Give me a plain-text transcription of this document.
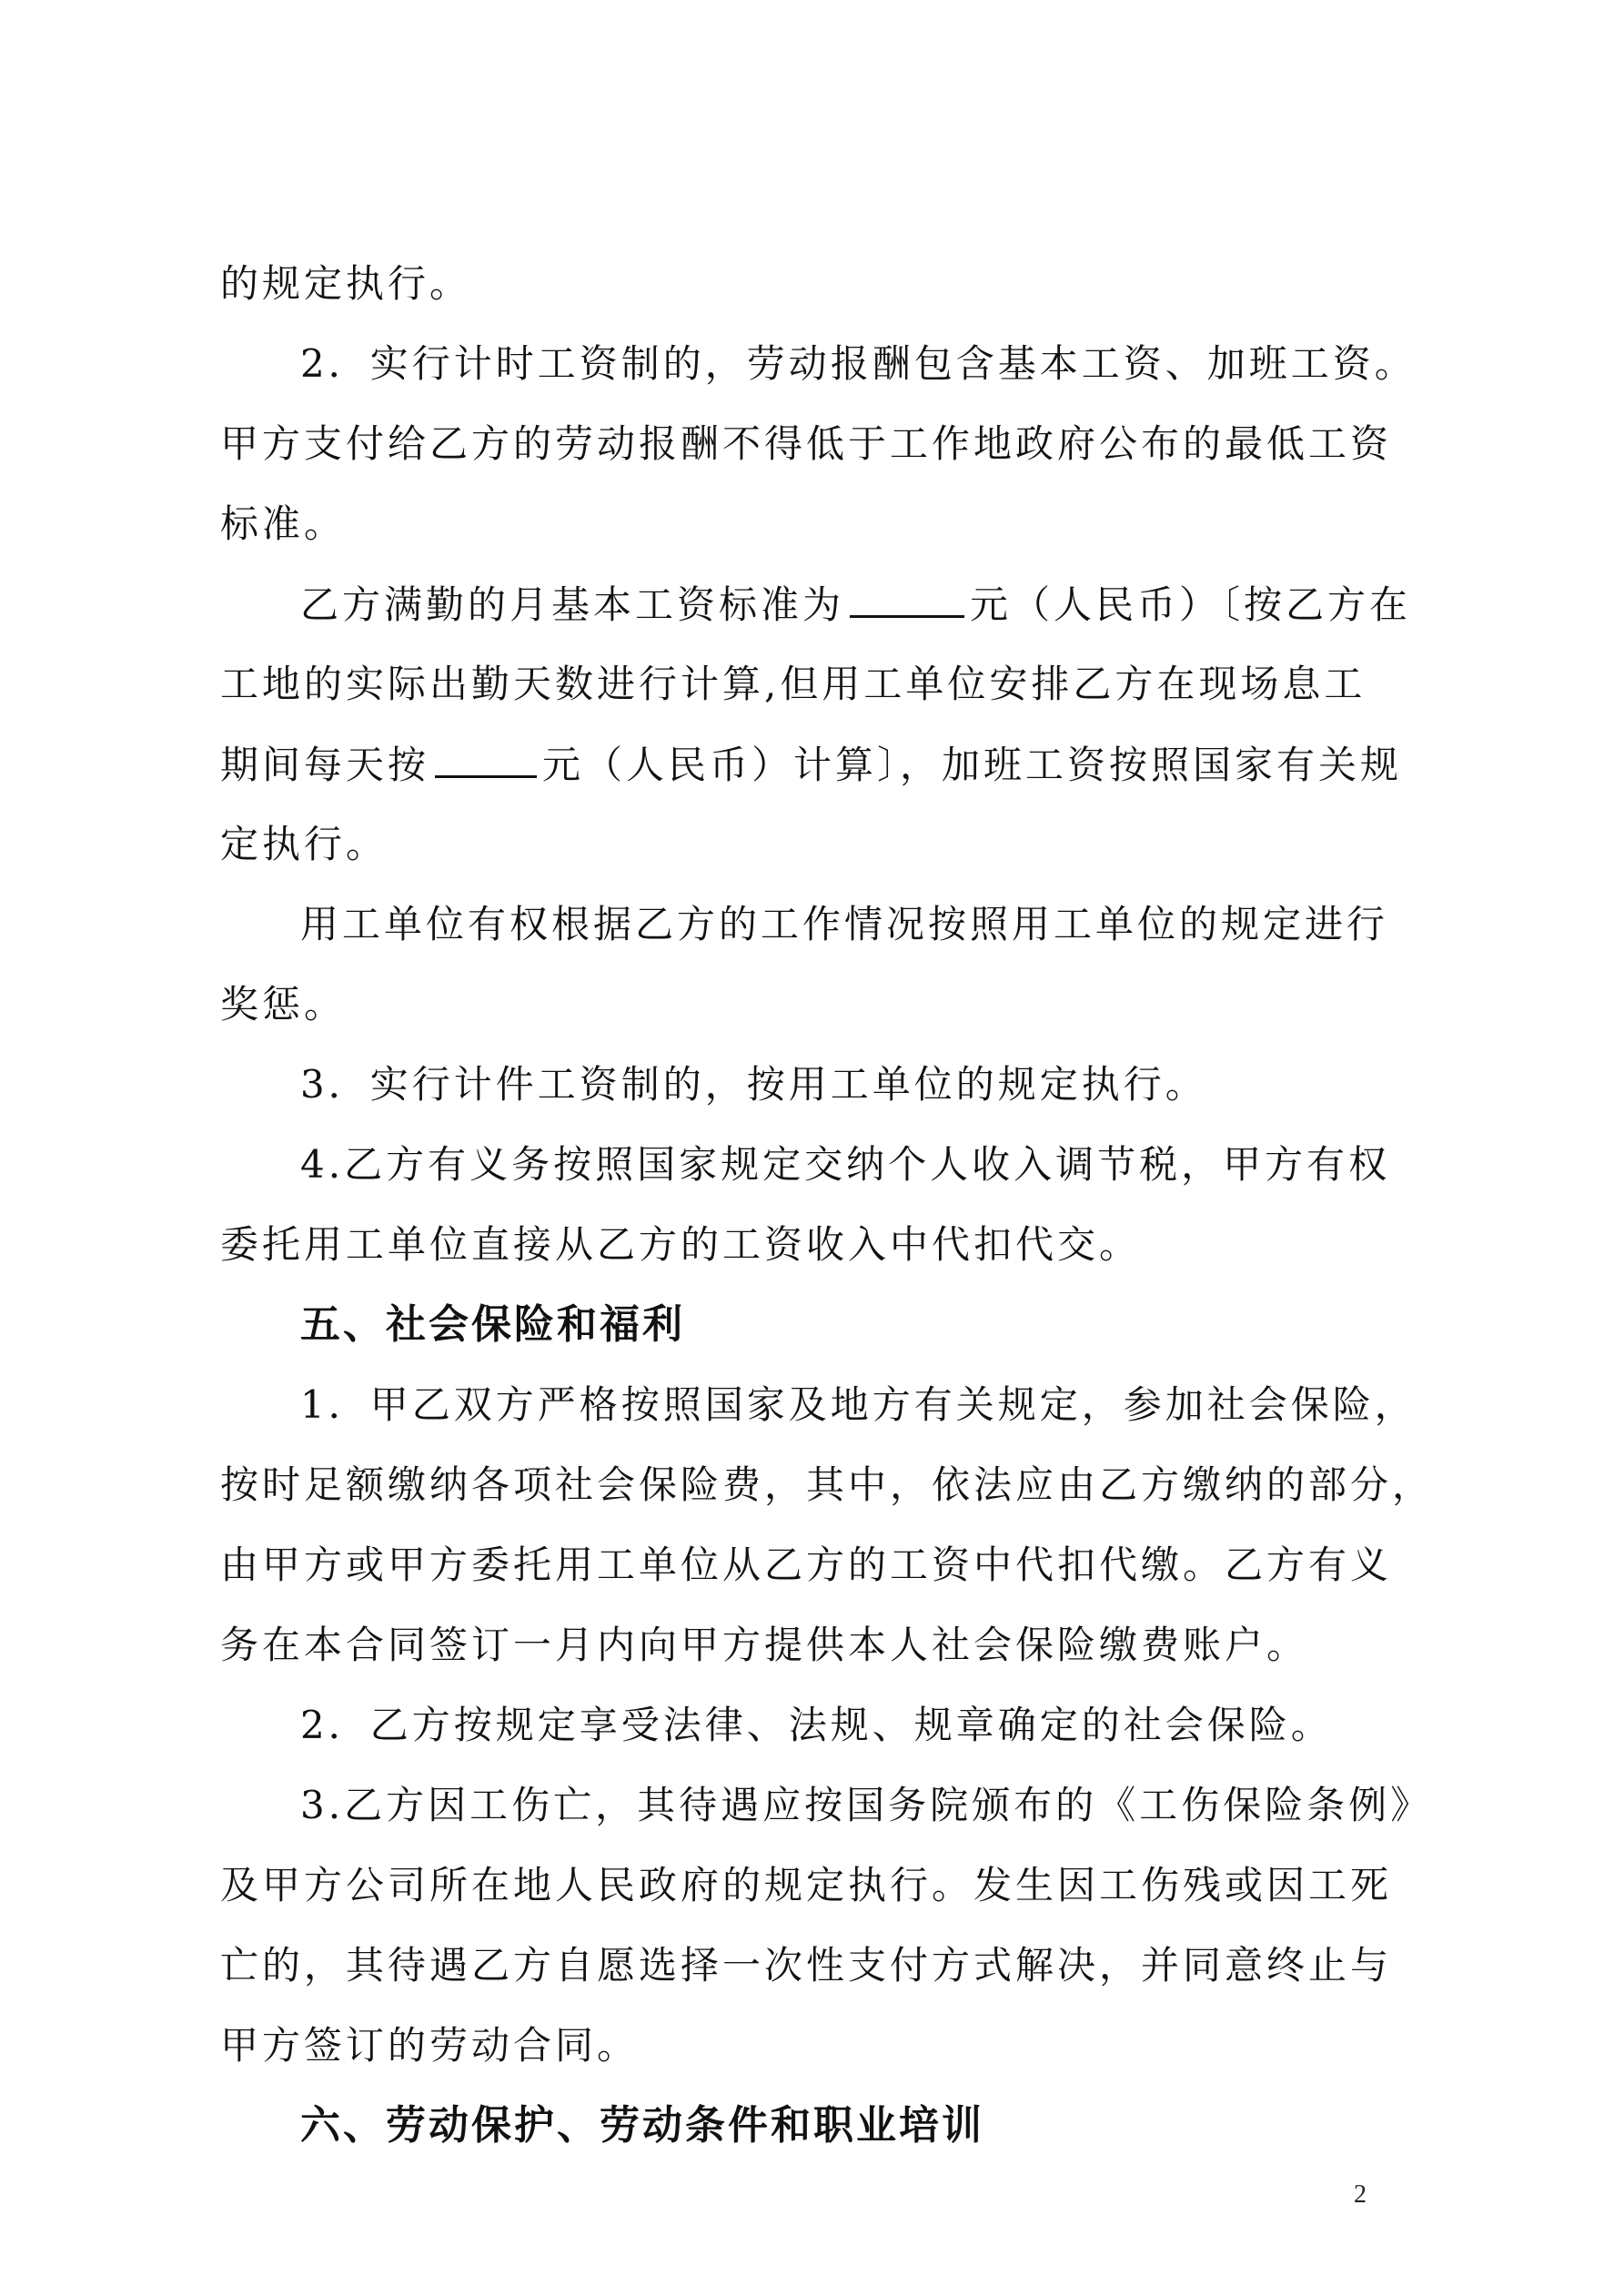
的规定执行。
2．实行计时工资制的，劳动报酬包含基本工资、加班工资。
甲方支付给乙方的劳动报酬不得低于工作地政府公布的最低工资
标准。
乙方满勤的月基本工资标准为	元（人民币）〔按乙方在
工地的实际出勤天数进行计算,但用工单位安排乙方在现场息工
期间每天按	元（人民币）计算〕，加班工资按照国家有关规
定执行。
用工单位有权根据乙方的工作情况按照用工单位的规定进行
奖惩。
3．实行计件工资制的，按用工单位的规定执行。
4.乙方有义务按照国家规定交纳个人收入调节税，甲方有权
委托用工单位直接从乙方的工资收入中代扣代交。
五、社会保险和福利
1．甲乙双方严格按照国家及地方有关规定，参加社会保险，
按时足额缴纳各项社会保险费，其中，依法应由乙方缴纳的部分，
由甲方或甲方委托用工单位从乙方的工资中代扣代缴。乙方有义
务在本合同签订一月内向甲方提供本人社会保险缴费账户。
2．乙方按规定享受法律、法规、规章确定的社会保险。
3.乙方因工伤亡，其待遇应按国务院颁布的《工伤保险条例》
及甲方公司所在地人民政府的规定执行。发生因工伤残或因工死
亡的，其待遇乙方自愿选择一次性支付方式解决，并同意终止与
甲方签订的劳动合同。
六、劳动保护、劳动条件和职业培训
2
